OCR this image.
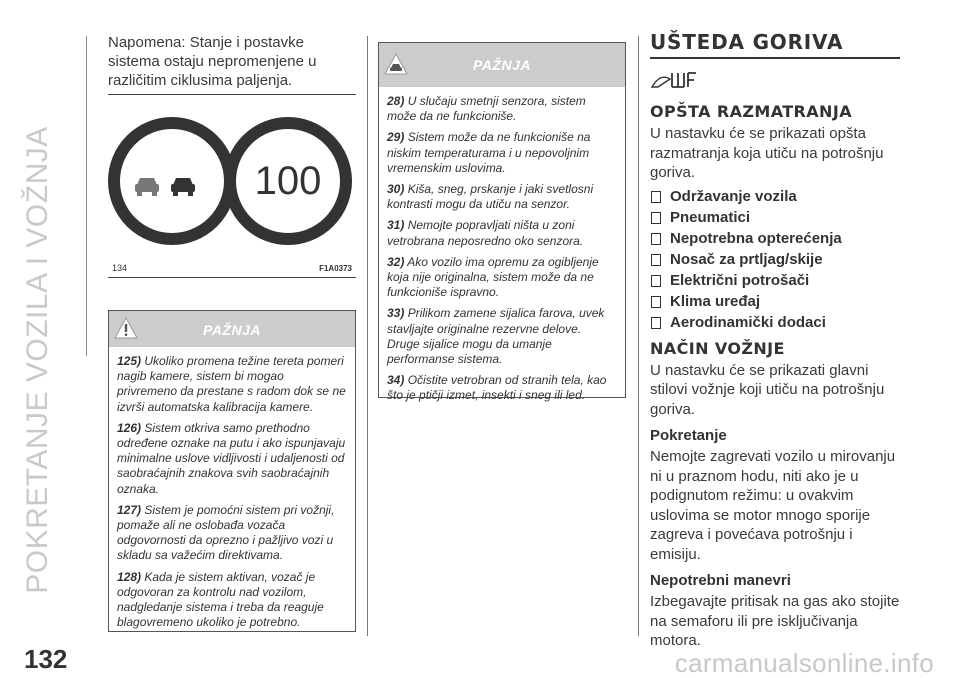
POKRETANJE VOZILA I VOŽNJA
Napomena: Stanje i postavke sistema ostaju nepromenjene u različitim ciklusima paljenja.
100
134	F1A0373
PAŽNJA

125) Ukoliko promena težine tereta pomeri nagib kamere, sistem bi mogao privremeno da prestane s radom dok se ne izvrši automatska kalibracija kamere.

126) Sistem otkriva samo prethodno određene oznake na putu i ako ispunjavaju minimalne uslove vidljivosti i udaljenosti od saobraćajnih znakova svih saobraćajnih oznaka.

127) Sistem je pomoćni sistem pri vožnji, pomaže ali ne oslobađa vozača odgovornosti da oprezno i pažljivo vozi u skladu sa važećim direktivama.

128) Kada je sistem aktivan, vozač je odgovoran za kontrolu nad vozilom, nadgledanje sistema i treba da reaguje blagovremeno ukoliko je potrebno.

PAŽNJA

28) U slučaju smetnji senzora, sistem može da ne funkcioniše.

29) Sistem može da ne funkcioniše na niskim temperaturama i u nepovoljnim vremenskim uslovima.

30) Kiša, sneg, prskanje i jaki svetlosni kontrasti mogu da utiču na senzor.

31) Nemojte popravljati ništa u zoni vetrobrana neposredno oko senzora.

32) Ako vozilo ima opremu za ogibljenje koja nije originalna, sistem može da ne funkcioniše ispravno.

33) Prilikom zamene sijalica farova, uvek stavljajte originalne rezervne delove. Druge sijalice mogu da umanje performanse sistema.

34) Očistite vetrobran od stranih tela, kao što je ptičji izmet, insekti i sneg ili led.

UŠTEDA GORIVA
OPŠTA RAZMATRANJA
U nastavku će se prikazati opšta razmatranja koja utiču na potrošnju goriva.
Održavanje vozila
Pneumatici
Nepotrebna opterećenja
Nosač za prtljag/skije
Električni potrošači
Klima uređaj
Aerodinamički dodaci
NAČIN VOŽNJE
U nastavku će se prikazati glavni stilovi vožnje koji utiču na potrošnju goriva.
Pokretanje
Nemojte zagrevati vozilo u mirovanju ni u praznom hodu, niti ako je u podignutom režimu: u ovakvim uslovima se motor mnogo sporije zagreva i povećava potrošnju i emisiju.
Nepotrebni manevri
Izbegavajte pritisak na gas ako stojite na semaforu ili pre isključivanja motora.
132	carmanualsonline.info
